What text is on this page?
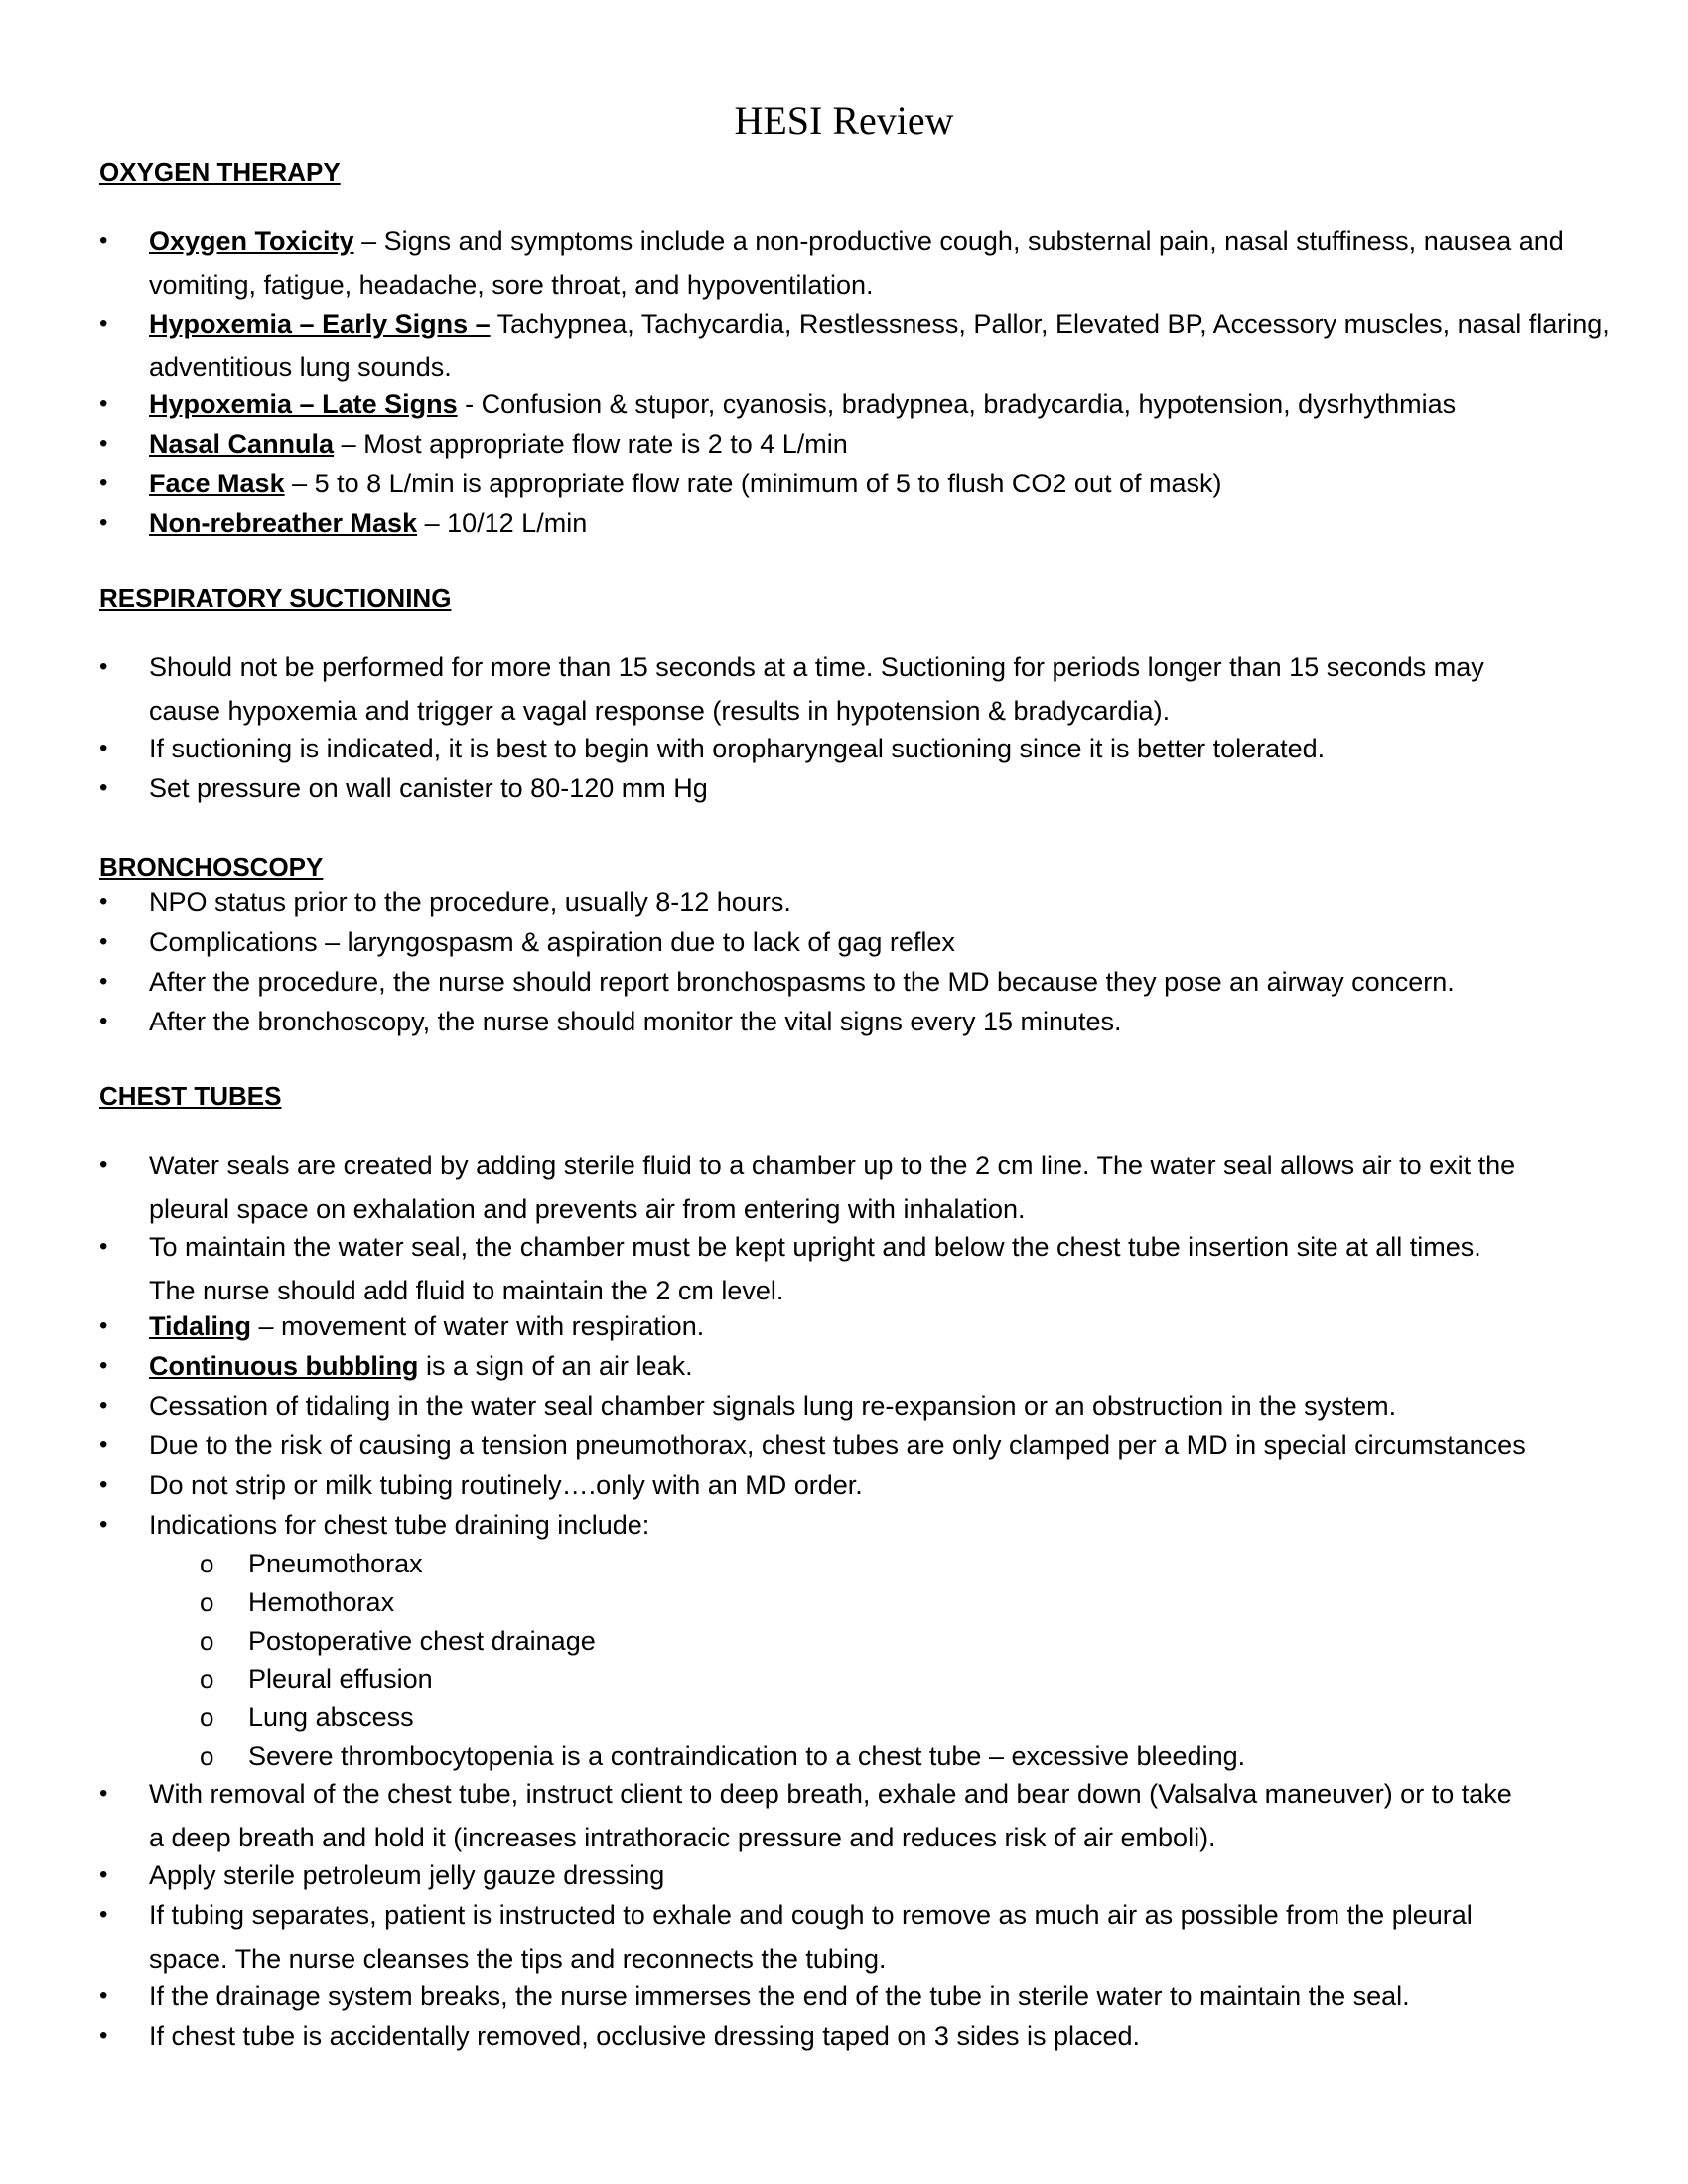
HESI Review
OXYGEN THERAPY
• Oxygen Toxicity – Signs and symptoms include a non-productive cough, substernal pain, nasal stuffiness, nausea and
vomiting, fatigue, headache, sore throat, and hypoventilation.
• Hypoxemia – Early Signs – Tachypnea, Tachycardia, Restlessness, Pallor, Elevated BP, Accessory muscles, nasal flaring,
adventitious lung sounds.
• Hypoxemia – Late Signs - Confusion & stupor, cyanosis, bradypnea, bradycardia, hypotension, dysrhythmias
• Nasal Cannula – Most appropriate flow rate is 2 to 4 L/min
• Face Mask – 5 to 8 L/min is appropriate flow rate (minimum of 5 to flush CO2 out of mask)
• Non-rebreather Mask – 10/12 L/min
RESPIRATORY SUCTIONING
• Should not be performed for more than 15 seconds at a time. Suctioning for periods longer than 15 seconds may
cause hypoxemia and trigger a vagal response (results in hypotension & bradycardia).
• If suctioning is indicated, it is best to begin with oropharyngeal suctioning since it is better tolerated.
• Set pressure on wall canister to 80-120 mm Hg
BRONCHOSCOPY
• NPO status prior to the procedure, usually 8-12 hours.
• Complications – laryngospasm & aspiration due to lack of gag reflex
• After the procedure, the nurse should report bronchospasms to the MD because they pose an airway concern.
• After the bronchoscopy, the nurse should monitor the vital signs every 15 minutes.
CHEST TUBES
• Water seals are created by adding sterile fluid to a chamber up to the 2 cm line. The water seal allows air to exit the
pleural space on exhalation and prevents air from entering with inhalation.
• To maintain the water seal, the chamber must be kept upright and below the chest tube insertion site at all times.
The nurse should add fluid to maintain the 2 cm level.
• Tidaling – movement of water with respiration.
• Continuous bubbling is a sign of an air leak.
• Cessation of tidaling in the water seal chamber signals lung re-expansion or an obstruction in the system.
• Due to the risk of causing a tension pneumothorax, chest tubes are only clamped per a MD in special circumstances
• Do not strip or milk tubing routinely….only with an MD order.
• Indications for chest tube draining include:
o Pneumothorax
o Hemothorax
o Postoperative chest drainage
o Pleural effusion
o Lung abscess
o Severe thrombocytopenia is a contraindication to a chest tube – excessive bleeding.
• With removal of the chest tube, instruct client to deep breath, exhale and bear down (Valsalva maneuver) or to take
a deep breath and hold it (increases intrathoracic pressure and reduces risk of air emboli).
• Apply sterile petroleum jelly gauze dressing
• If tubing separates, patient is instructed to exhale and cough to remove as much air as possible from the pleural
space. The nurse cleanses the tips and reconnects the tubing.
• If the drainage system breaks, the nurse immerses the end of the tube in sterile water to maintain the seal.
• If chest tube is accidentally removed, occlusive dressing taped on 3 sides is placed.
